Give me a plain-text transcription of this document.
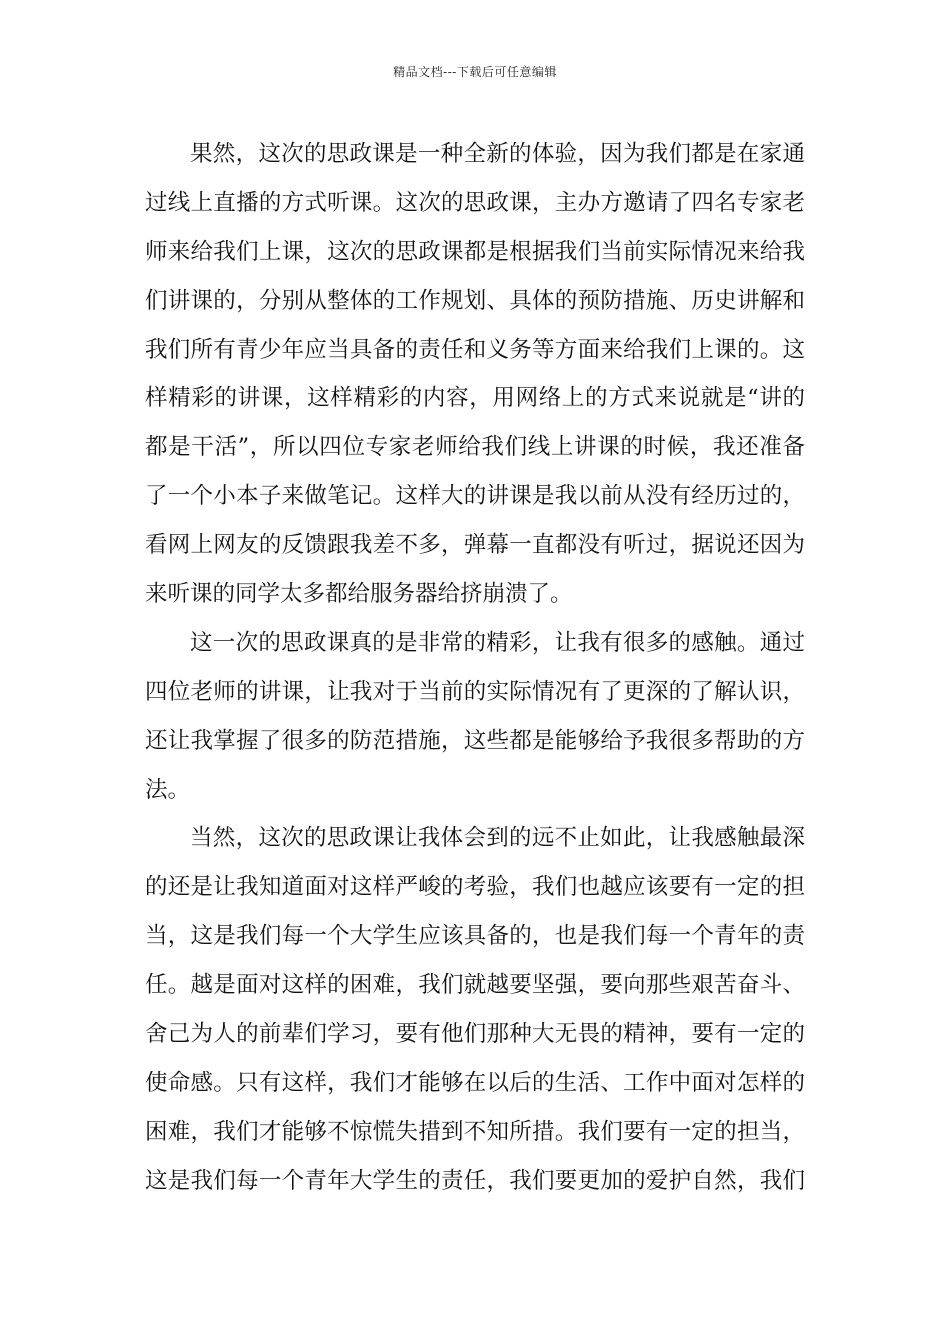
精品文档---下载后可任意编辑
果然，这次的思政课是一种全新的体验，因为我们都是在家通
过线上直播的方式听课。这次的思政课，主办方邀请了四名专家老
师来给我们上课，这次的思政课都是根据我们当前实际情况来给我
们讲课的，分别从整体的工作规划、具体的预防措施、历史讲解和
我们所有青少年应当具备的责任和义务等方面来给我们上课的。这
样精彩的讲课，这样精彩的内容，用网络上的方式来说就是“讲的
都是干活”，所以四位专家老师给我们线上讲课的时候，我还准备
了一个小本子来做笔记。这样大的讲课是我以前从没有经历过的，
看网上网友的反馈跟我差不多，弹幕一直都没有听过，据说还因为
来听课的同学太多都给服务器给挤崩溃了。
这一次的思政课真的是非常的精彩，让我有很多的感触。通过
四位老师的讲课，让我对于当前的实际情况有了更深的了解认识，
还让我掌握了很多的防范措施，这些都是能够给予我很多帮助的方
法。
当然，这次的思政课让我体会到的远不止如此，让我感触最深
的还是让我知道面对这样严峻的考验，我们也越应该要有一定的担
当，这是我们每一个大学生应该具备的，也是我们每一个青年的责
任。越是面对这样的困难，我们就越要坚强，要向那些艰苦奋斗、
舍己为人的前辈们学习，要有他们那种大无畏的精神，要有一定的
使命感。只有这样，我们才能够在以后的生活、工作中面对怎样的
困难，我们才能够不惊慌失措到不知所措。我们要有一定的担当，
这是我们每一个青年大学生的责任，我们要更加的爱护自然，我们
